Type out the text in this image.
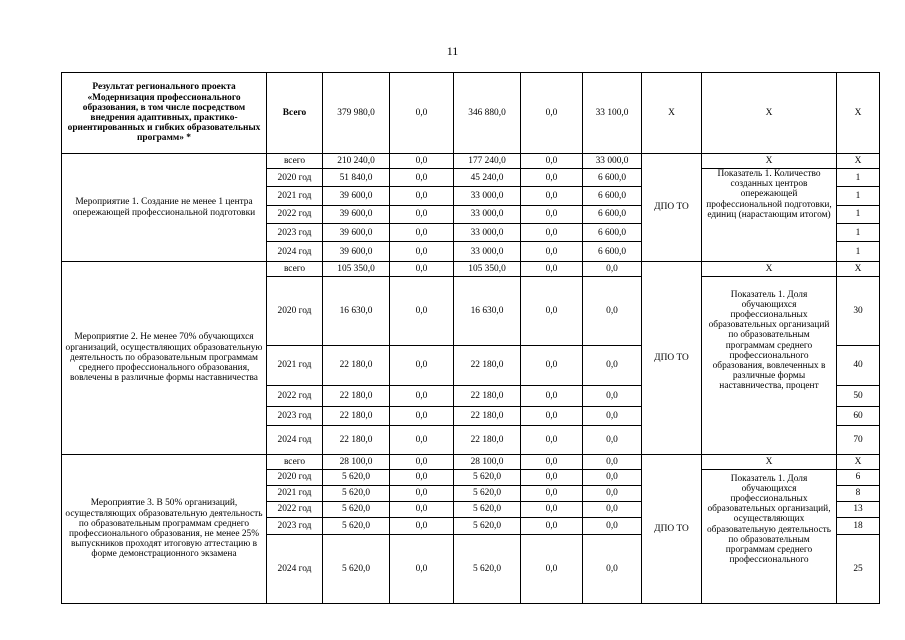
11
Результат регионального проекта «Модернизация профессионального образования, в том числе посредством внедрения адаптивных, практико-ориентированных и гибких образовательных программ» *	Всего	379 980,0	0,0	346 880,0	0,0	33 100,0	Х	Х	Х
Мероприятие 1. Создание не менее 1 центра опережающей профессиональной подготовки	всего	210 240,0	0,0	177 240,0	0,0	33 000,0	ДПО ТО	Х	Х
	2020 год	51 840,0	0,0	45 240,0	0,0	6 600,0		Показатель 1. Количество созданных центров опережающей профессиональной подготовки, единиц (нарастающим итогом)	1
	2021 год	39 600,0	0,0	33 000,0	0,0	6 600,0			1
	2022 год	39 600,0	0,0	33 000,0	0,0	6 600,0			1
	2023 год	39 600,0	0,0	33 000,0	0,0	6 600,0			1
	2024 год	39 600,0	0,0	33 000,0	0,0	6 600,0			1
Мероприятие 2. Не менее 70% обучающихся организаций, осуществляющих образовательную деятельность по образовательным программам среднего профессионального образования, вовлечены в различные формы наставничества	всего	105 350,0	0,0	105 350,0	0,0	0,0	ДПО ТО	Х	Х
	2020 год	16 630,0	0,0	16 630,0	0,0	0,0		Показатель 1. Доля обучающихся профессиональных образовательных организаций по образовательным программам среднего профессионального образования, вовлеченных в различные формы наставничества, процент	30
	2021 год	22 180,0	0,0	22 180,0	0,0	0,0			40
	2022 год	22 180,0	0,0	22 180,0	0,0	0,0			50
	2023 год	22 180,0	0,0	22 180,0	0,0	0,0			60
	2024 год	22 180,0	0,0	22 180,0	0,0	0,0			70
Мероприятие 3. В 50% организаций, осуществляющих образовательную деятельность по образовательным программам среднего профессионального образования, не менее 25% выпускников проходят итоговую аттестацию в форме демонстрационного экзамена	всего	28 100,0	0,0	28 100,0	0,0	0,0	ДПО ТО	Х	Х
	2020 год	5 620,0	0,0	5 620,0	0,0	0,0		Показатель 1. Доля обучающихся профессиональных образовательных организаций, осуществляющих образовательную деятельность по образовательным программам среднего профессионального	6
	2021 год	5 620,0	0,0	5 620,0	0,0	0,0			8
	2022 год	5 620,0	0,0	5 620,0	0,0	0,0			13
	2023 год	5 620,0	0,0	5 620,0	0,0	0,0			18
	2024 год	5 620,0	0,0	5 620,0	0,0	0,0			25
